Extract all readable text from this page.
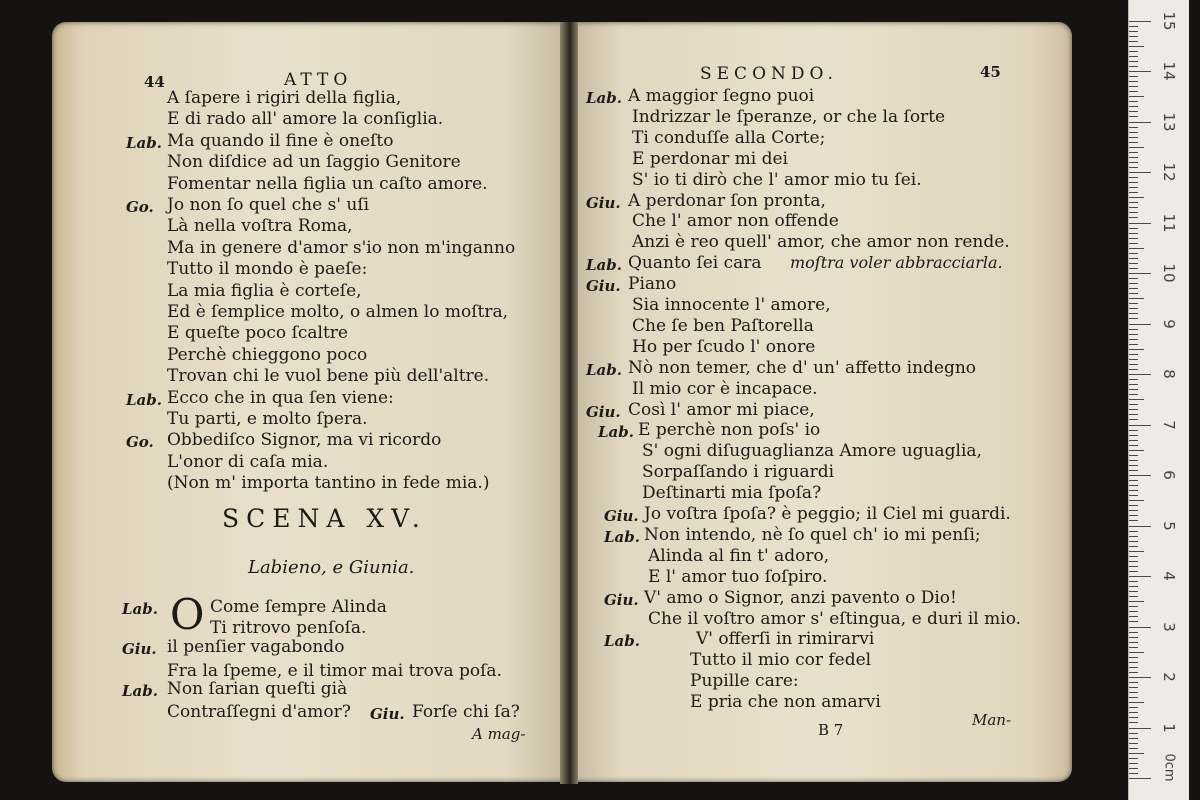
44	ATTO
A ſapere i rigiri della figlia,
E di rado all' amore la conſiglia.
Lab. Ma quando il fine è oneſto
Non diſdice ad un ſaggio Genitore
Fomentar nella figlia un caſto amore.
Go. Jo non ſo quel che s' uſi
Là nella voſtra Roma,
Ma in genere d'amor s'io non m'inganno
Tutto il mondo è paeſe:
La mia figlia è corteſe,
Ed è ſemplice molto, o almen lo moſtra,
E queſte poco ſcaltre
Perchè chieggono poco
Trovan chi le vuol bene più dell'altre.
Lab. Ecco che in qua ſen viene:
Tu parti, e molto ſpera.
Go. Obbediſco Signor, ma vi ricordo
L'onor di caſa mia.
(Non m' importa tantino in fede mia.)
SCENA XV.
Labieno, e Giunia.
Lab. O Come ſempre Alinda
Ti ritrovo penſoſa.
Giu. il penſier vagabondo
Fra la ſpeme, e il timor mai trova poſa.
Lab. Non ſarian queſti già
Contraſſegni d'amor? Giu. Forſe chi ſa?
A mag-
SECONDO.	45
Lab. A maggior ſegno puoi
Indrizzar le ſperanze, or che la ſorte
Ti conduſſe alla Corte;
E perdonar mi dei
S' io ti dirò che l' amor mio tu ſei.
Giu. A perdonar ſon pronta,
Che l' amor non offende
Anzi è reo quell' amor, che amor non rende.
Lab. Quanto ſei cara moſtra voler abbracciarla.
Giu. Piano
Sia innocente l' amore,
Che ſe ben Paſtorella
Ho per ſcudo l' onore
Lab. Nò non temer, che d' un' affetto indegno
Il mio cor è incapace.
Giu. Così l' amor mi piace,
Lab. E perchè non poſs' io
S' ogni diſuguaglianza Amore uguaglia,
Sorpaſſando i riguardi
Deſtinarti mia ſpoſa?
Giu. Jo voſtra ſpoſa? è peggio; il Ciel mi guardi.
Lab. Non intendo, nè ſo quel ch' io mi penſi;
Alinda al fin t' adoro,
E l' amor tuo ſoſpiro.
Giu. V' amo o Signor, anzi pavento o Dio!
Che il voſtro amor s' eſtingua, e duri il mio.
Lab.	V' offerſi in rimirarvi
Tutto il mio cor fedel
Pupille care:
E pria che non amarvi
B 7
Man-
15
14
13
12
11
10
9
8
7
6
5
4
3
2
1
0cm
